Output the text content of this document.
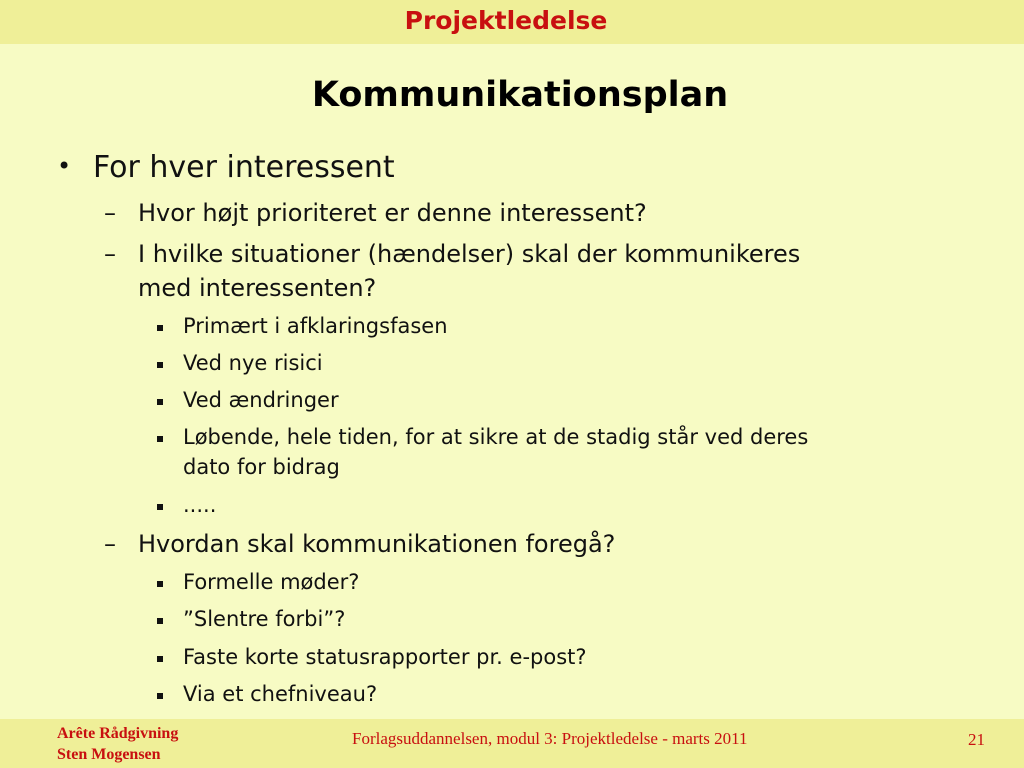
Projektledelse
Kommunikationsplan
• For hver interessent
– Hvor højt prioriteret er denne interessent?
– I hvilke situationer (hændelser) skal der kommunikeres
med interessenten?
Primært i afklaringsfasen
Ved nye risici
Ved ændringer
Løbende, hele tiden, for at sikre at de stadig står ved deres
dato for bidrag
.....
– Hvordan skal kommunikationen foregå?
Formelle møder?
”Slentre forbi”?
Faste korte statusrapporter pr. e-post?
Via et chefniveau?
Arête Rådgivning
Sten Mogensen
Forlagsuddannelsen, modul 3: Projektledelse - marts 2011	21
